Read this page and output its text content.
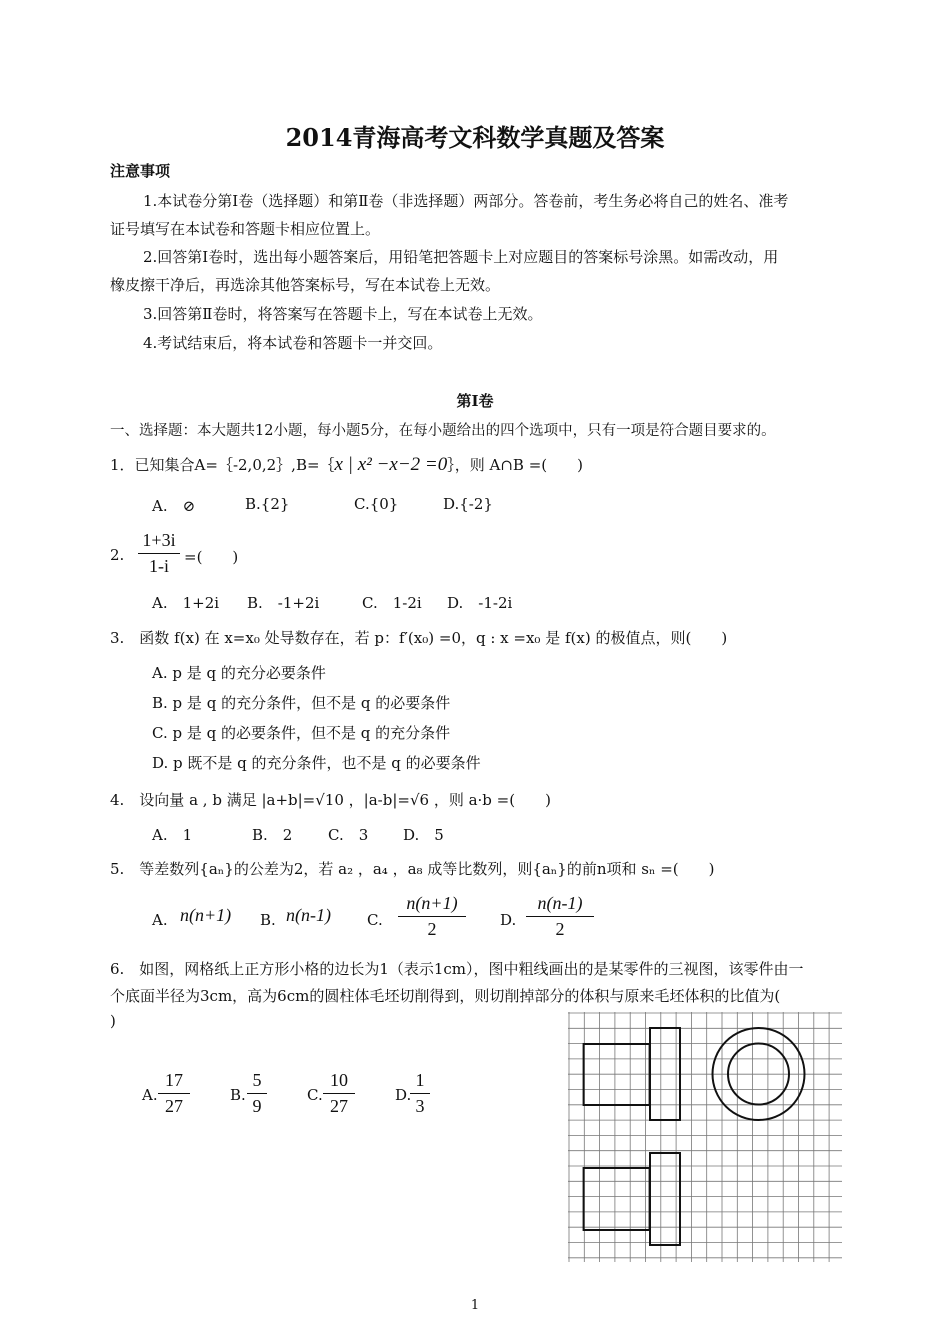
2014青海高考文科数学真题及答案
注意事项
1.本试卷分第Ⅰ卷（选择题）和第Ⅱ卷（非选择题）两部分。答卷前，考生务必将自己的姓名、准考
证号填写在本试卷和答题卡相应位置上。
2.回答第Ⅰ卷时，选出每小题答案后，用铅笔把答题卡上对应题目的答案标号涂黑。如需改动，用
橡皮擦干净后，再选涂其他答案标号，写在本试卷上无效。
3.回答第Ⅱ卷时，将答案写在答题卡上，写在本试卷上无效。
4.考试结束后，将本试卷和答题卡一并交回。
第Ⅰ卷
一、选择题：本大题共12小题，每小题5分，在每小题给出的四个选项中，只有一项是符合题目要求的。
1．已知集合A=｛-2,0,2｝,B=｛x | x² −x−2 =0｝，则 A∩B =(　　)
A.　⊘	B.{2}	C.{0}	D.{-2}
2.
1+3i
1-i	=(　　)
A.　1+2i B.　-1+2i	C.　1-2i D.　-1-2i
3.　函数 f(x) 在 x=x₀ 处导数存在，若 p：f′(x₀) =0，q : x =x₀ 是 f(x) 的极值点，则(　　)
A. p 是 q 的充分必要条件
B. p 是 q 的充分条件，但不是 q 的必要条件
C. p 是 q 的必要条件，但不是 q 的充分条件
D. p 既不是 q 的充分条件，也不是 q 的必要条件
4.　设向量 a , b 满足 |a+b|=√10 ，|a-b|=√6 ，则 a·b =(　　)
A.　1	B.　2 C.　3 D.　5
5.　等差数列{aₙ}的公差为2，若 a₂ ，a₄ ，a₈ 成等比数列，则{aₙ}的前n项和 sₙ =(　　)
A. n(n+1) B. n(n-1) C.
n(n+1)
2	D.
n(n-1)
2
6.　如图，网格纸上正方形小格的边长为1（表示1cm），图中粗线画出的是某零件的三视图，该零件由一
个底面半径为3cm，高为6cm的圆柱体毛坯切削得到，则切削掉部分的体积与原来毛坯体积的比值为(
)
A.
17
27
B.
5
9
C.
10
27
D.
1
3
1
